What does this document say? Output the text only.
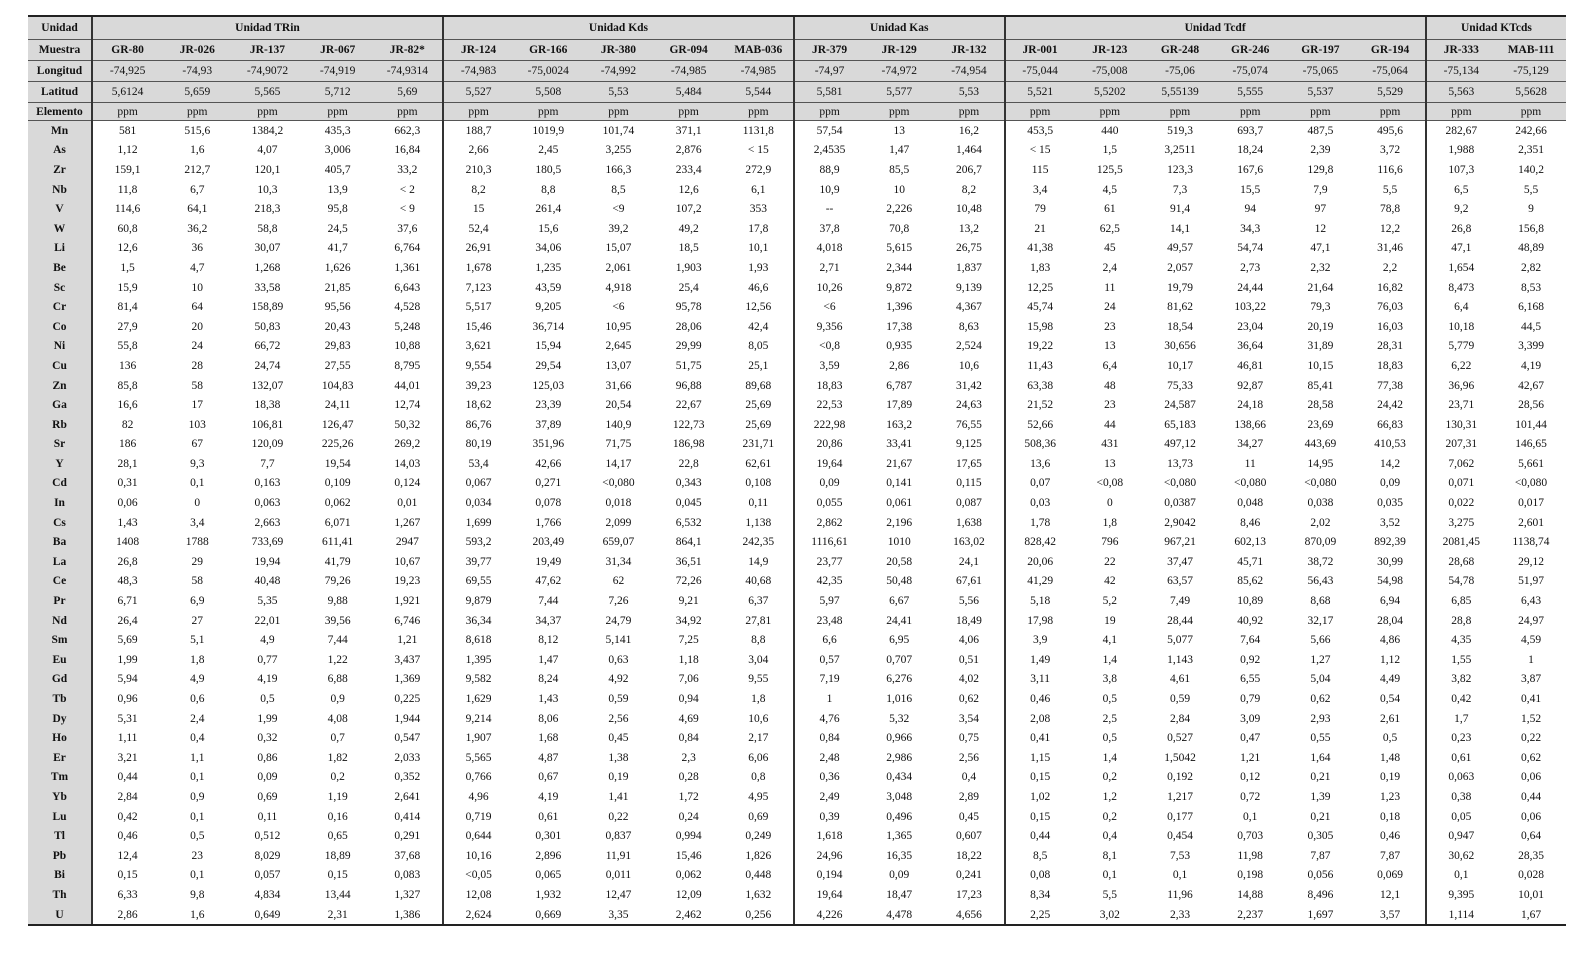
Unidad	Unidad TRin					Unidad Kds					Unidad Kas			Unidad Tcdf						Unidad KTcds	
Muestra	GR-80	JR-026	JR-137	JR-067	JR-82*	JR-124	GR-166	JR-380	GR-094	MAB-036	JR-379	JR-129	JR-132	JR-001	JR-123	GR-248	GR-246	GR-197	GR-194	JR-333	MAB-111
Longitud	-74,925	-74,93	-74,9072	-74,919	-74,9314	-74,983	-75,0024	-74,992	-74,985	-74,985	-74,97	-74,972	-74,954	-75,044	-75,008	-75,06	-75,074	-75,065	-75,064	-75,134	-75,129
Latitud	5,6124	5,659	5,565	5,712	5,69	5,527	5,508	5,53	5,484	5,544	5,581	5,577	5,53	5,521	5,5202	5,55139	5,555	5,537	5,529	5,563	5,5628
Elemento	ppm	ppm	ppm	ppm	ppm	ppm	ppm	ppm	ppm	ppm	ppm	ppm	ppm	ppm	ppm	ppm	ppm	ppm	ppm	ppm	ppm
Mn	581	515,6	1384,2	435,3	662,3	188,7	1019,9	101,74	371,1	1131,8	57,54	13	16,2	453,5	440	519,3	693,7	487,5	495,6	282,67	242,66
As	1,12	1,6	4,07	3,006	16,84	2,66	2,45	3,255	2,876	< 15	2,4535	1,47	1,464	< 15	1,5	3,2511	18,24	2,39	3,72	1,988	2,351
Zr	159,1	212,7	120,1	405,7	33,2	210,3	180,5	166,3	233,4	272,9	88,9	85,5	206,7	115	125,5	123,3	167,6	129,8	116,6	107,3	140,2
Nb	11,8	6,7	10,3	13,9	< 2	8,2	8,8	8,5	12,6	6,1	10,9	10	8,2	3,4	4,5	7,3	15,5	7,9	5,5	6,5	5,5
V	114,6	64,1	218,3	95,8	< 9	15	261,4	<9	107,2	353	--	2,226	10,48	79	61	91,4	94	97	78,8	9,2	9
W	60,8	36,2	58,8	24,5	37,6	52,4	15,6	39,2	49,2	17,8	37,8	70,8	13,2	21	62,5	14,1	34,3	12	12,2	26,8	156,8
Li	12,6	36	30,07	41,7	6,764	26,91	34,06	15,07	18,5	10,1	4,018	5,615	26,75	41,38	45	49,57	54,74	47,1	31,46	47,1	48,89
Be	1,5	4,7	1,268	1,626	1,361	1,678	1,235	2,061	1,903	1,93	2,71	2,344	1,837	1,83	2,4	2,057	2,73	2,32	2,2	1,654	2,82
Sc	15,9	10	33,58	21,85	6,643	7,123	43,59	4,918	25,4	46,6	10,26	9,872	9,139	12,25	11	19,79	24,44	21,64	16,82	8,473	8,53
Cr	81,4	64	158,89	95,56	4,528	5,517	9,205	<6	95,78	12,56	<6	1,396	4,367	45,74	24	81,62	103,22	79,3	76,03	6,4	6,168
Co	27,9	20	50,83	20,43	5,248	15,46	36,714	10,95	28,06	42,4	9,356	17,38	8,63	15,98	23	18,54	23,04	20,19	16,03	10,18	44,5
Ni	55,8	24	66,72	29,83	10,88	3,621	15,94	2,645	29,99	8,05	<0,8	0,935	2,524	19,22	13	30,656	36,64	31,89	28,31	5,779	3,399
Cu	136	28	24,74	27,55	8,795	9,554	29,54	13,07	51,75	25,1	3,59	2,86	10,6	11,43	6,4	10,17	46,81	10,15	18,83	6,22	4,19
Zn	85,8	58	132,07	104,83	44,01	39,23	125,03	31,66	96,88	89,68	18,83	6,787	31,42	63,38	48	75,33	92,87	85,41	77,38	36,96	42,67
Ga	16,6	17	18,38	24,11	12,74	18,62	23,39	20,54	22,67	25,69	22,53	17,89	24,63	21,52	23	24,587	24,18	28,58	24,42	23,71	28,56
Rb	82	103	106,81	126,47	50,32	86,76	37,89	140,9	122,73	25,69	222,98	163,2	76,55	52,66	44	65,183	138,66	23,69	66,83	130,31	101,44
Sr	186	67	120,09	225,26	269,2	80,19	351,96	71,75	186,98	231,71	20,86	33,41	9,125	508,36	431	497,12	34,27	443,69	410,53	207,31	146,65
Y	28,1	9,3	7,7	19,54	14,03	53,4	42,66	14,17	22,8	62,61	19,64	21,67	17,65	13,6	13	13,73	11	14,95	14,2	7,062	5,661
Cd	0,31	0,1	0,163	0,109	0,124	0,067	0,271	<0,080	0,343	0,108	0,09	0,141	0,115	0,07	<0,08	<0,080	<0,080	<0,080	0,09	0,071	<0,080
In	0,06	0	0,063	0,062	0,01	0,034	0,078	0,018	0,045	0,11	0,055	0,061	0,087	0,03	0	0,0387	0,048	0,038	0,035	0,022	0,017
Cs	1,43	3,4	2,663	6,071	1,267	1,699	1,766	2,099	6,532	1,138	2,862	2,196	1,638	1,78	1,8	2,9042	8,46	2,02	3,52	3,275	2,601
Ba	1408	1788	733,69	611,41	2947	593,2	203,49	659,07	864,1	242,35	1116,61	1010	163,02	828,42	796	967,21	602,13	870,09	892,39	2081,45	1138,74
La	26,8	29	19,94	41,79	10,67	39,77	19,49	31,34	36,51	14,9	23,77	20,58	24,1	20,06	22	37,47	45,71	38,72	30,99	28,68	29,12
Ce	48,3	58	40,48	79,26	19,23	69,55	47,62	62	72,26	40,68	42,35	50,48	67,61	41,29	42	63,57	85,62	56,43	54,98	54,78	51,97
Pr	6,71	6,9	5,35	9,88	1,921	9,879	7,44	7,26	9,21	6,37	5,97	6,67	5,56	5,18	5,2	7,49	10,89	8,68	6,94	6,85	6,43
Nd	26,4	27	22,01	39,56	6,746	36,34	34,37	24,79	34,92	27,81	23,48	24,41	18,49	17,98	19	28,44	40,92	32,17	28,04	28,8	24,97
Sm	5,69	5,1	4,9	7,44	1,21	8,618	8,12	5,141	7,25	8,8	6,6	6,95	4,06	3,9	4,1	5,077	7,64	5,66	4,86	4,35	4,59
Eu	1,99	1,8	0,77	1,22	3,437	1,395	1,47	0,63	1,18	3,04	0,57	0,707	0,51	1,49	1,4	1,143	0,92	1,27	1,12	1,55	1
Gd	5,94	4,9	4,19	6,88	1,369	9,582	8,24	4,92	7,06	9,55	7,19	6,276	4,02	3,11	3,8	4,61	6,55	5,04	4,49	3,82	3,87
Tb	0,96	0,6	0,5	0,9	0,225	1,629	1,43	0,59	0,94	1,8	1	1,016	0,62	0,46	0,5	0,59	0,79	0,62	0,54	0,42	0,41
Dy	5,31	2,4	1,99	4,08	1,944	9,214	8,06	2,56	4,69	10,6	4,76	5,32	3,54	2,08	2,5	2,84	3,09	2,93	2,61	1,7	1,52
Ho	1,11	0,4	0,32	0,7	0,547	1,907	1,68	0,45	0,84	2,17	0,84	0,966	0,75	0,41	0,5	0,527	0,47	0,55	0,5	0,23	0,22
Er	3,21	1,1	0,86	1,82	2,033	5,565	4,87	1,38	2,3	6,06	2,48	2,986	2,56	1,15	1,4	1,5042	1,21	1,64	1,48	0,61	0,62
Tm	0,44	0,1	0,09	0,2	0,352	0,766	0,67	0,19	0,28	0,8	0,36	0,434	0,4	0,15	0,2	0,192	0,12	0,21	0,19	0,063	0,06
Yb	2,84	0,9	0,69	1,19	2,641	4,96	4,19	1,41	1,72	4,95	2,49	3,048	2,89	1,02	1,2	1,217	0,72	1,39	1,23	0,38	0,44
Lu	0,42	0,1	0,11	0,16	0,414	0,719	0,61	0,22	0,24	0,69	0,39	0,496	0,45	0,15	0,2	0,177	0,1	0,21	0,18	0,05	0,06
Tl	0,46	0,5	0,512	0,65	0,291	0,644	0,301	0,837	0,994	0,249	1,618	1,365	0,607	0,44	0,4	0,454	0,703	0,305	0,46	0,947	0,64
Pb	12,4	23	8,029	18,89	37,68	10,16	2,896	11,91	15,46	1,826	24,96	16,35	18,22	8,5	8,1	7,53	11,98	7,87	7,87	30,62	28,35
Bi	0,15	0,1	0,057	0,15	0,083	<0,05	0,065	0,011	0,062	0,448	0,194	0,09	0,241	0,08	0,1	0,1	0,198	0,056	0,069	0,1	0,028
Th	6,33	9,8	4,834	13,44	1,327	12,08	1,932	12,47	12,09	1,632	19,64	18,47	17,23	8,34	5,5	11,96	14,88	8,496	12,1	9,395	10,01
U	2,86	1,6	0,649	2,31	1,386	2,624	0,669	3,35	2,462	0,256	4,226	4,478	4,656	2,25	3,02	2,33	2,237	1,697	3,57	1,114	1,67
